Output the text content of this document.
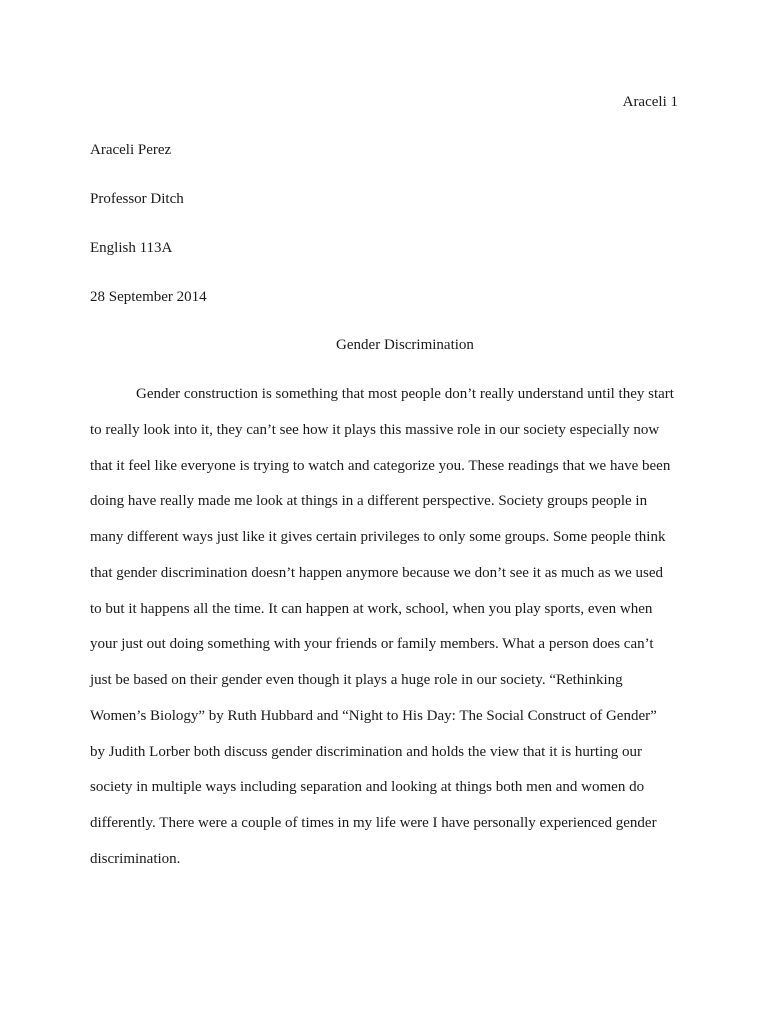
Araceli 1
Araceli Perez
Professor Ditch
English 113A
28 September 2014
Gender Discrimination
Gender construction is something that most people don’t really understand until they start
to really look into it, they can’t see how it plays this massive role in our society especially now
that it feel like everyone is trying to watch and categorize you. These readings that we have been
doing have really made me look at things in a different perspective. Society groups people in
many different ways just like it gives certain privileges to only some groups. Some people think
that gender discrimination doesn’t happen anymore because we don’t see it as much as we used
to but it happens all the time. It can happen at work, school, when you play sports, even when
your just out doing something with your friends or family members. What a person does can’t
just be based on their gender even though it plays a huge role in our society. “Rethinking
Women’s Biology” by Ruth Hubbard and “Night to His Day: The Social Construct of Gender”
by Judith Lorber both discuss gender discrimination and holds the view that it is hurting our
society in multiple ways including separation and looking at things both men and women do
differently. There were a couple of times in my life were I have personally experienced gender
discrimination.
